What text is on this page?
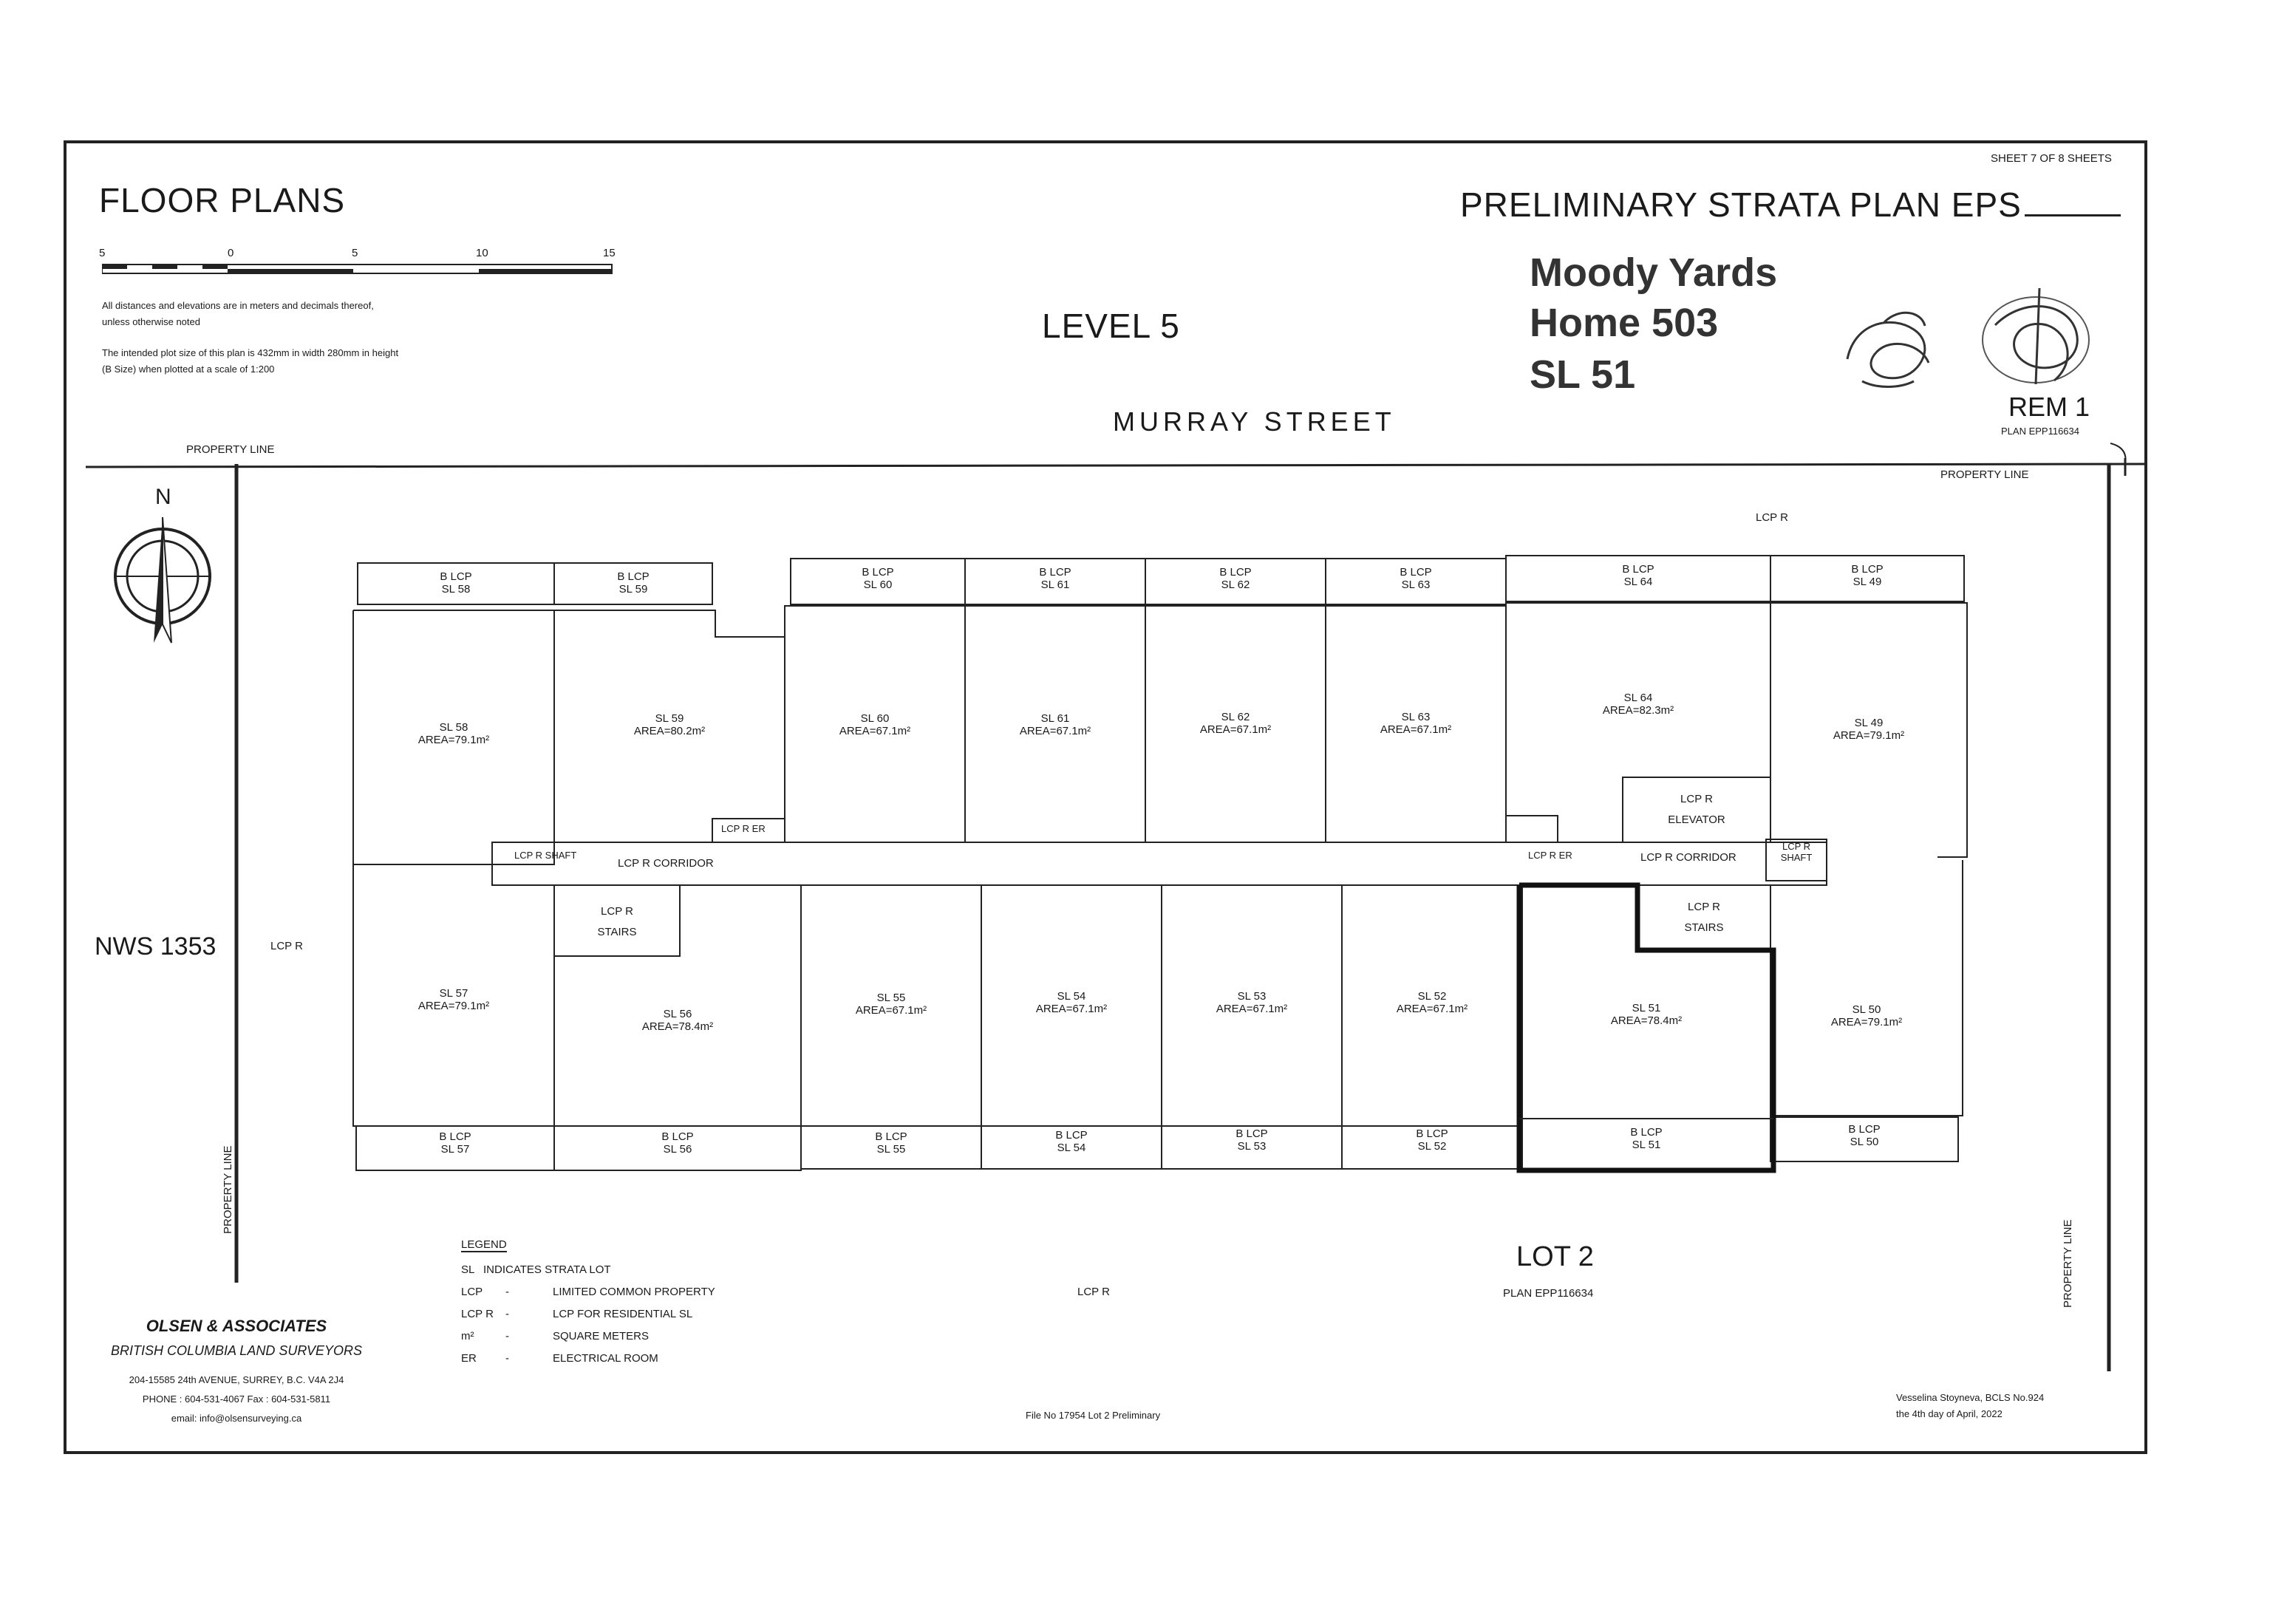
SHEET 7 OF 8 SHEETS
FLOOR PLANS	PRELIMINARY STRATA PLAN EPS
Moody Yards
Home 503
SL 51
LEVEL 5
MURRAY STREET	REM 1
PLAN EPP116634
5	0	5	10	15
All distances and elevations are in meters and decimals thereof,
unless otherwise noted
The intended plot size of this plan is 432mm in width 280mm in height
(B Size) when plotted at a scale of 1:200
N
PROPERTY LINE
PROPERTY LINE
PROPERTY LINE
PROPERTY LINE
NWS 1353	LCP R
LCP R
LCP R
LOT 2
PLAN EPP116634
B LCP
SL 58
B LCP
SL 59
B LCP
SL 60
B LCP
SL 61
B LCP
SL 62
B LCP
SL 63
B LCP
SL 64
B LCP
SL 49
SL 58
AREA=79.1m²
SL 59
AREA=80.2m²
SL 60
AREA=67.1m²
SL 61
AREA=67.1m²
SL 62
AREA=67.1m²
SL 63
AREA=67.1m²
SL 64
AREA=82.3m²
SL 49
AREA=79.1m²
LCP R ER
LCP R ER
LCP R SHAFT
LCP R CORRIDOR	LCP R CORRIDOR
LCP R
SHAFT
LCP R
ELEVATOR
LCP R
STAIRS
LCP R
STAIRS
SL 57
AREA=79.1m²
SL 56
AREA=78.4m²
SL 55
AREA=67.1m²
SL 54
AREA=67.1m²
SL 53
AREA=67.1m²
SL 52
AREA=67.1m²	SL 51
AREA=78.4m²
SL 50
AREA=79.1m²
B LCP
SL 57
B LCP
SL 56
B LCP
SL 55
B LCP
SL 54
B LCP
SL 53
B LCP
SL 52
B LCP
SL 51
B LCP
SL 50
LEGEND
SL INDICATES STRATA LOT
LCP -	LIMITED COMMON PROPERTY
LCP R -	LCP FOR RESIDENTIAL SL
m²	-	SQUARE METERS
ER	-	ELECTRICAL ROOM
OLSEN & ASSOCIATES
BRITISH COLUMBIA LAND SURVEYORS
204-15585 24th AVENUE, SURREY, B.C. V4A 2J4
PHONE : 604-531-4067 Fax : 604-531-5811
email: info@olsensurveying.ca	File No 17954 Lot 2 Preliminary
Vesselina Stoyneva, BCLS No.924
the 4th day of April, 2022
